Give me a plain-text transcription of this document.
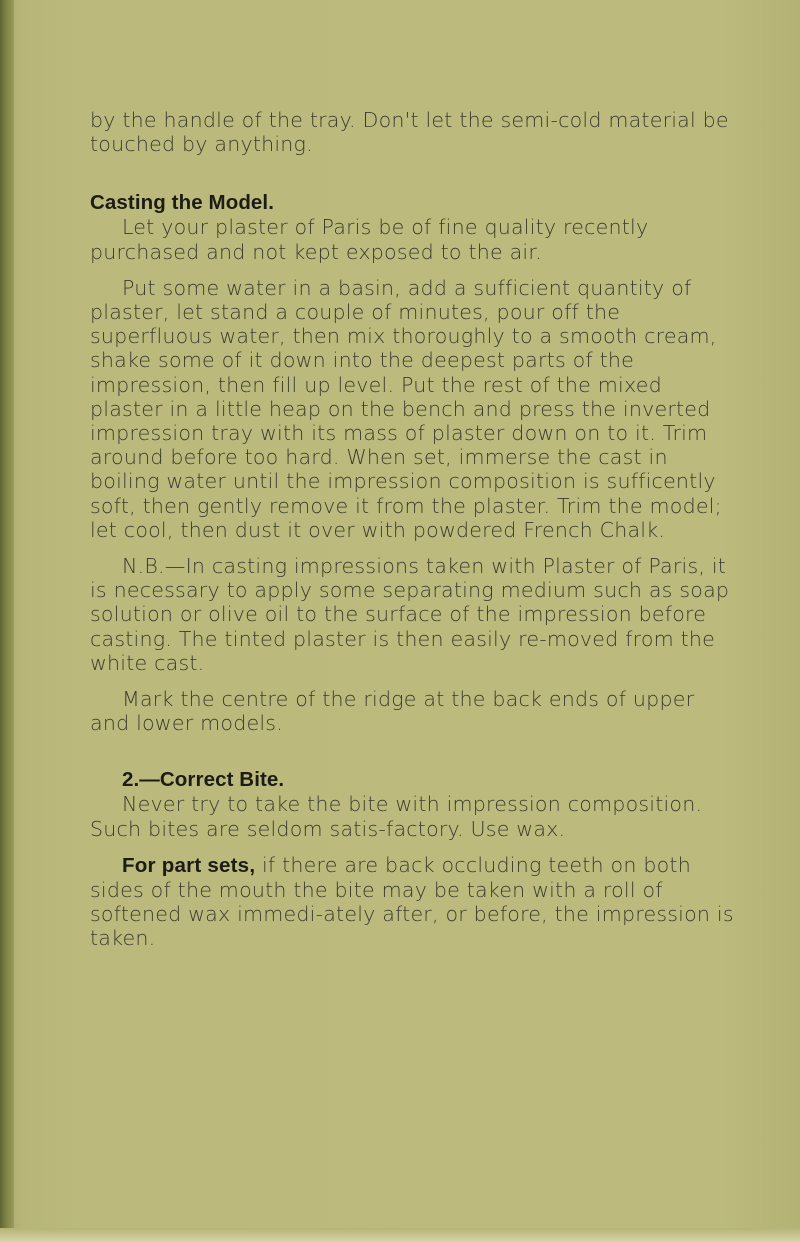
by the handle of the tray. Don't let the semi-cold material be touched by anything.

Casting the Model.

Let your plaster of Paris be of fine quality recently purchased and not kept exposed to the air.

Put some water in a basin, add a sufficient quantity of plaster, let stand a couple of minutes, pour off the superfluous water, then mix thoroughly to a smooth cream, shake some of it down into the deepest parts of the impression, then fill up level. Put the rest of the mixed plaster in a little heap on the bench and press the inverted impression tray with its mass of plaster down on to it. Trim around before too hard. When set, immerse the cast in boiling water until the impression composition is sufficently soft, then gently remove it from the plaster. Trim the model; let cool, then dust it over with powdered French Chalk.

N.B.—In casting impressions taken with Plaster of Paris, it is necessary to apply some separating medium such as soap solution or olive oil to the surface of the impression before casting. The tinted plaster is then easily re-moved from the white cast.

Mark the centre of the ridge at the back ends of upper and lower models.

2.—Correct Bite.

Never try to take the bite with impression composition. Such bites are seldom satis-factory. Use wax.

For part sets, if there are back occluding teeth on both sides of the mouth the bite may be taken with a roll of softened wax immedi-ately after, or before, the impression is taken.
